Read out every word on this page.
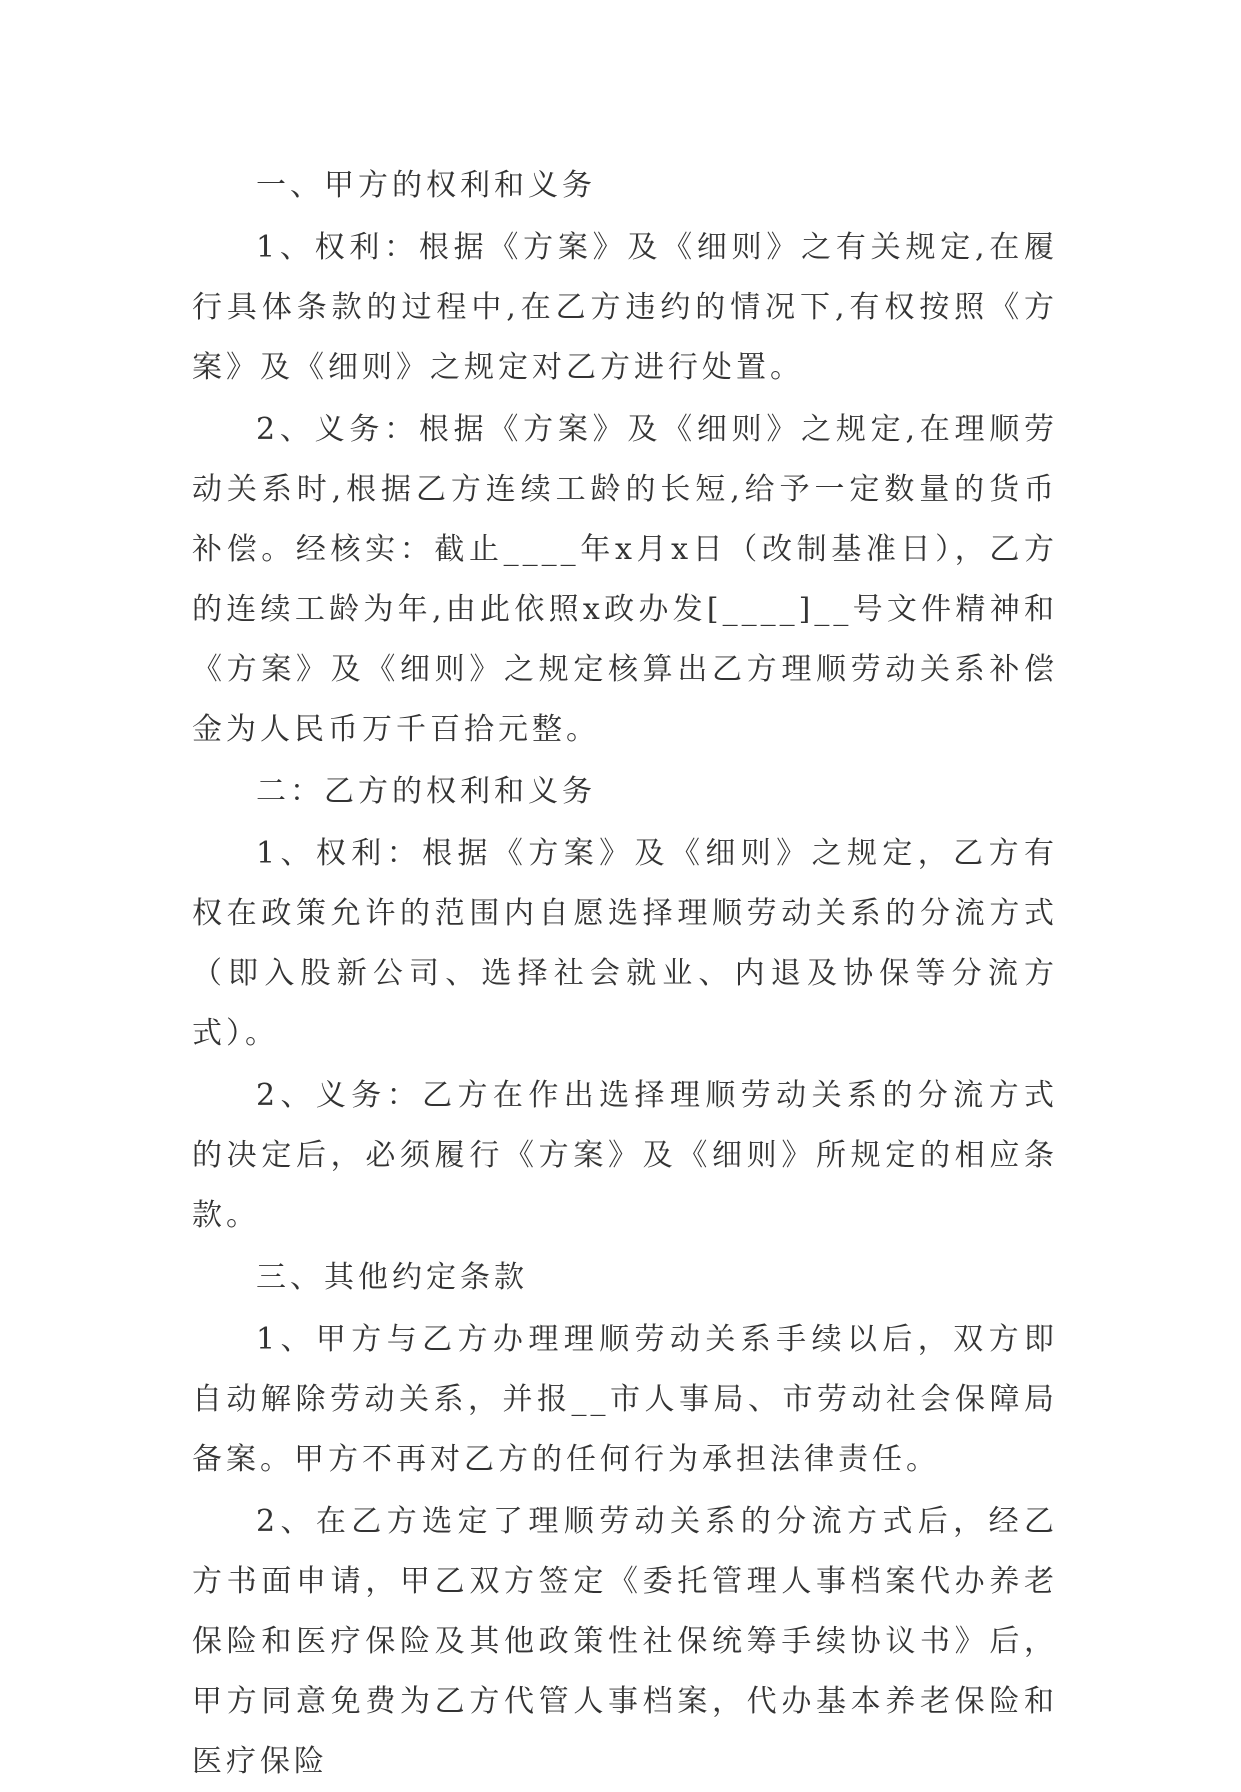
一、甲方的权利和义务

1、权利：根据《方案》及《细则》之有关规定,在履行具体条款的过程中,在乙方违约的情况下,有权按照《方案》及《细则》之规定对乙方进行处置。

2、义务：根据《方案》及《细则》之规定,在理顺劳动关系时,根据乙方连续工龄的长短,给予一定数量的货币补偿。经核实：截止____年x月x日（改制基准日），乙方的连续工龄为年,由此依照x政办发[____]__号文件精神和《方案》及《细则》之规定核算出乙方理顺劳动关系补偿金为人民币万千百拾元整。

二：乙方的权利和义务

1、权利：根据《方案》及《细则》之规定，乙方有权在政策允许的范围内自愿选择理顺劳动关系的分流方式（即入股新公司、选择社会就业、内退及协保等分流方式）。

2、义务：乙方在作出选择理顺劳动关系的分流方式的决定后，必须履行《方案》及《细则》所规定的相应条款。

三、其他约定条款

1、甲方与乙方办理理顺劳动关系手续以后，双方即自动解除劳动关系，并报__市人事局、市劳动社会保障局备案。甲方不再对乙方的任何行为承担法律责任。

2、在乙方选定了理顺劳动关系的分流方式后，经乙方书面申请，甲乙双方签定《委托管理人事档案代办养老保险和医疗保险及其他政策性社保统筹手续协议书》后，甲方同意免费为乙方代管人事档案，代办基本养老保险和医疗保险
